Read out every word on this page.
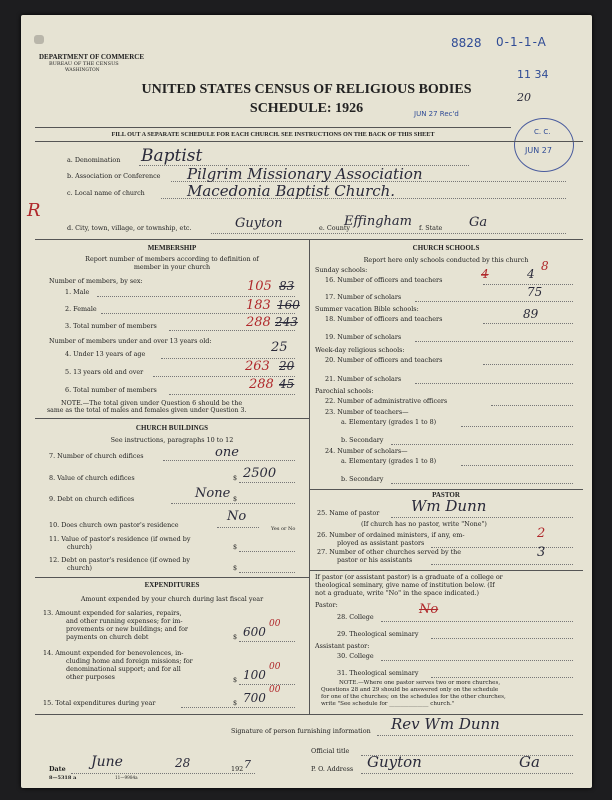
DEPARTMENT OF COMMERCE
BUREAU OF THE CENSUS
WASHINGTON
8828 0-1-1-A
11 34
UNITED STATES CENSUS OF RELIGIOUS BODIES
SCHEDULE: 1926	JUN 27 Rec'd
20
C. C.
JUN 27
FILL OUT A SEPARATE SCHEDULE FOR EACH CHURCH. SEE INSTRUCTIONS ON THE BACK OF THIS SHEET
R
a. Denomination Baptist
b. Association or Conference Pilgrim Missionary Association
c. Local name of church	Macedonia Baptist Church.
d. City, town, village, or township, etc.	Guyton	e. County
Effingham f. State Ga
MEMBERSHIP
Report number of members according to definition of
member in your church
Number of members, by sex:
1. Male	105 83
2. Female	183 160
3. Total number of members	288 243
Number of members under and over 13 years old:
4. Under 13 years of age	25
5. 13 years old and over	263 20
6. Total number of members	288 45
NOTE.—The total given under Question 6 should be the
same as the total of males and females given under Question 3.
CHURCH BUILDINGS
See instructions, paragraphs 10 to 12
7. Number of church edifices	one
8. Value of church edifices	$ 2500
9. Debt on church edifices	$
None
10. Does church own pastor's residence
No
Yes or No
11. Value of pastor's residence (if owned by
church)	$
12. Debt on pastor's residence (if owned by
church)	$
EXPENDITURES
Amount expended by your church during last fiscal year
13. Amount expended for salaries, repairs,
and other running expenses; for im-
provements or new buildings; and for
payments on church debt	$ 600
00
14. Amount expended for benevolences, in-
cluding home and foreign missions; for
denominational support; and for all
other purposes	$ 100
00
15. Total expenditures during year	$ 700
00
CHURCH SCHOOLS
Report here only schools conducted by this church
Sunday schools:
16. Number of officers and teachers	4	4
8
17. Number of scholars	75
Summer vacation Bible schools:
18. Number of officers and teachers	89
19. Number of scholars
Week-day religious schools:
20. Number of officers and teachers
21. Number of scholars
Parochial schools:
22. Number of administrative officers
23. Number of teachers—
a. Elementary (grades 1 to 8)
b. Secondary
24. Number of scholars—
a. Elementary (grades 1 to 8)
b. Secondary
PASTOR
25. Name of pastor Wm Dunn
(If church has no pastor, write "None")
26. Number of ordained ministers, if any, em-
ployed as assistant pastors
2
27. Number of other churches served by the
pastor or his assistants	3
If pastor (or assistant pastor) is a graduate of a college or
theological seminary, give name of institution below. (If
not a graduate, write "No" in the space indicated.)
Pastor:
28. College	No
29. Theological seminary
Assistant pastor:
30. College
31. Theological seminary
NOTE.—Where one pastor serves two or more churches,
Questions 28 and 29 should be answered only on the schedule
for one of the churches; on the schedules for the other churches,
write "See schedule for ______________ church."
Signature of person furnishing information Rev Wm Dunn
Official title
Date June	28	192 7	P. O. Address Guyton	Ga
8—5318 a	11—9984a
